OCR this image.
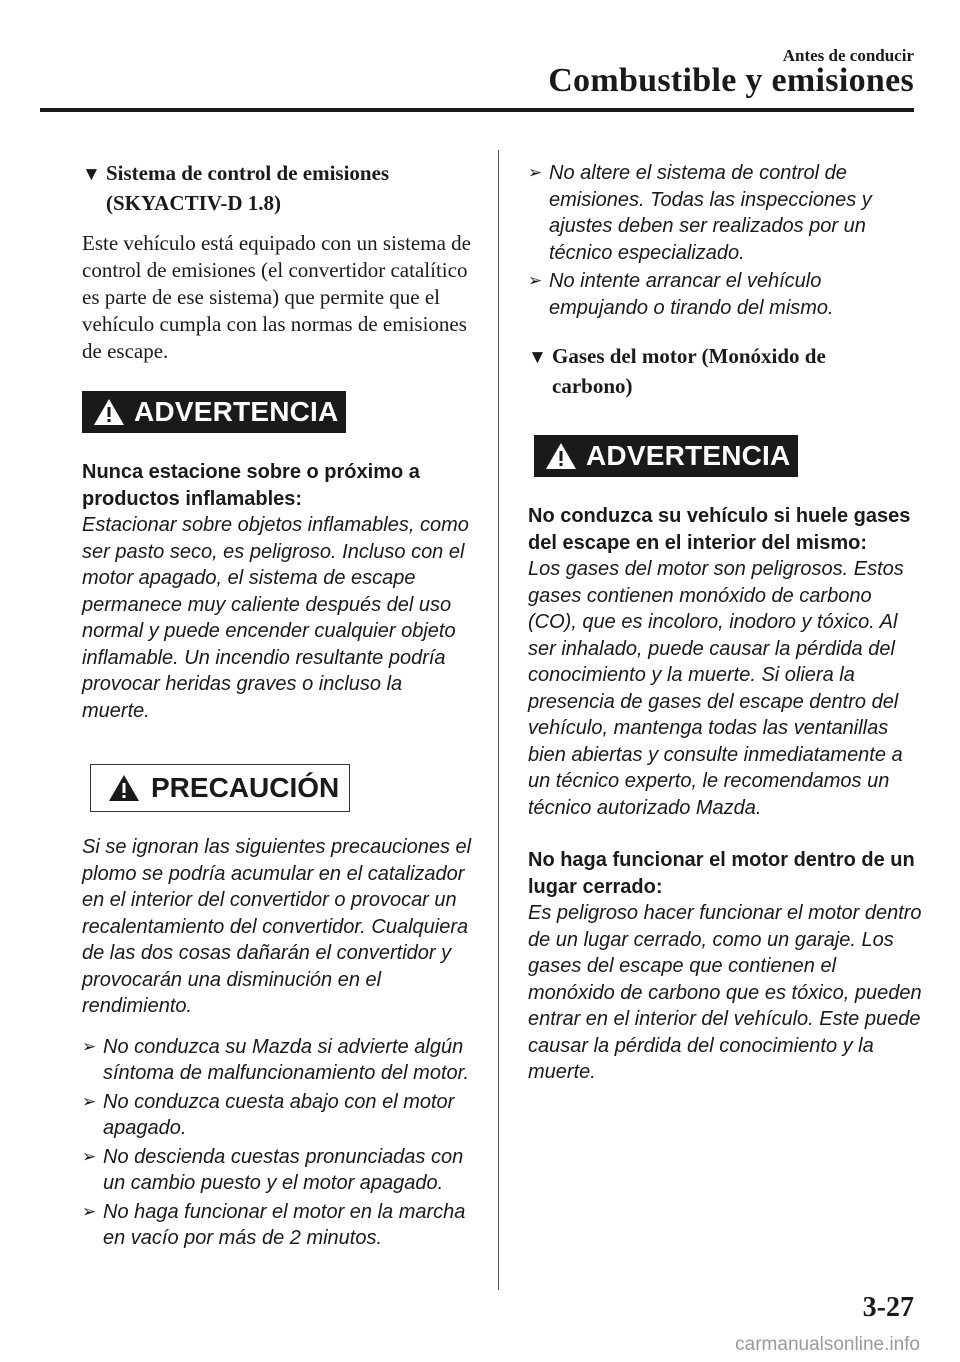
Antes de conducir
Combustible y emisiones
▼ Sistema de control de emisiones
(SKYACTIV-D 1.8)
Este vehículo está equipado con un sistema de control de emisiones (el convertidor catalítico es parte de ese sistema) que permite que el vehículo cumpla con las normas de emisiones de escape.
ADVERTENCIA
Nunca estacione sobre o próximo a productos inflamables:
Estacionar sobre objetos inflamables, como ser pasto seco, es peligroso. Incluso con el motor apagado, el sistema de escape permanece muy caliente después del uso normal y puede encender cualquier objeto inflamable. Un incendio resultante podría provocar heridas graves o incluso la muerte.
PRECAUCIÓN
Si se ignoran las siguientes precauciones el plomo se podría acumular en el catalizador en el interior del convertidor o provocar un recalentamiento del convertidor. Cualquiera de las dos cosas dañarán el convertidor y provocarán una disminución en el rendimiento.
➢ No conduzca su Mazda si advierte algún síntoma de malfuncionamiento del motor.
➢ No conduzca cuesta abajo con el motor apagado.
➢ No descienda cuestas pronunciadas con un cambio puesto y el motor apagado.
➢ No haga funcionar el motor en la marcha en vacío por más de 2 minutos.
➢ No altere el sistema de control de emisiones. Todas las inspecciones y ajustes deben ser realizados por un técnico especializado.
➢ No intente arrancar el vehículo empujando o tirando del mismo.
▼ Gases del motor (Monóxido de
carbono)
ADVERTENCIA
No conduzca su vehículo si huele gases del escape en el interior del mismo:
Los gases del motor son peligrosos. Estos gases contienen monóxido de carbono (CO), que es incoloro, inodoro y tóxico. Al ser inhalado, puede causar la pérdida del conocimiento y la muerte. Si oliera la presencia de gases del escape dentro del vehículo, mantenga todas las ventanillas bien abiertas y consulte inmediatamente a un técnico experto, le recomendamos un técnico autorizado Mazda.
No haga funcionar el motor dentro de un lugar cerrado:
Es peligroso hacer funcionar el motor dentro de un lugar cerrado, como un garaje. Los gases del escape que contienen el monóxido de carbono que es tóxico, pueden entrar en el interior del vehículo. Este puede causar la pérdida del conocimiento y la muerte.
3-27
carmanualsonline.info
